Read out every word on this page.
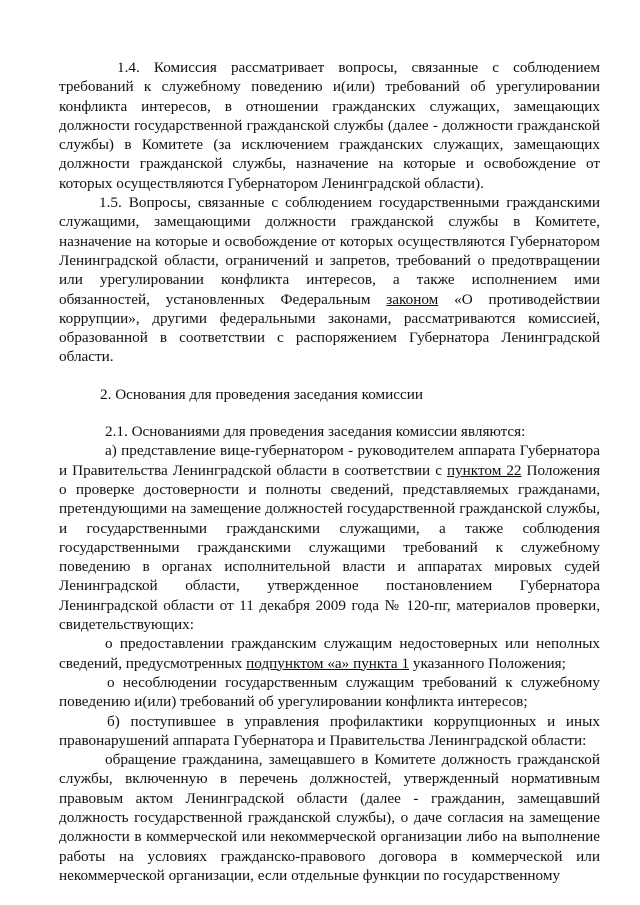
1.4. Комиссия рассматривает вопросы, связанные с соблюдением требований к служебному поведению и(или) требований об урегулировании конфликта интересов, в отношении гражданских служащих, замещающих должности государственной гражданской службы (далее - должности гражданской службы) в Комитете (за исключением гражданских служащих, замещающих должности гражданской службы, назначение на которые и освобождение от которых осуществляются Губернатором Ленинградской области).

1.5. Вопросы, связанные с соблюдением государственными гражданскими служащими, замещающими должности гражданской службы в Комитете, назначение на которые и освобождение от которых осуществляются Губернатором Ленинградской области, ограничений и запретов, требований о предотвращении или урегулировании конфликта интересов, а также исполнением ими обязанностей, установленных Федеральным законом «О противодействии коррупции», другими федеральными законами, рассматриваются комиссией, образованной в соответствии с распоряжением Губернатора Ленинградской области.

2. Основания для проведения заседания комиссии

2.1. Основаниями для проведения заседания комиссии являются:

а) представление вице-губернатором - руководителем аппарата Губернатора и Правительства Ленинградской области в соответствии с пунктом 22 Положения о проверке достоверности и полноты сведений, представляемых гражданами, претендующими на замещение должностей государственной гражданской службы, и государственными гражданскими служащими, а также соблюдения государственными гражданскими служащими требований к служебному поведению в органах исполнительной власти и аппаратах мировых судей Ленинградской области, утвержденное постановлением Губернатора Ленинградской области от 11 декабря 2009 года № 120-пг, материалов проверки, свидетельствующих:

о предоставлении гражданским служащим недостоверных или неполных сведений, предусмотренных подпунктом «а» пункта 1 указанного Положения;

о несоблюдении государственным служащим требований к служебному поведению и(или) требований об урегулировании конфликта интересов;

б) поступившее в управления профилактики коррупционных и иных правонарушений аппарата Губернатора и Правительства Ленинградской области:

обращение гражданина, замещавшего в Комитете должность гражданской службы, включенную в перечень должностей, утвержденный нормативным правовым актом Ленинградской области (далее - гражданин, замещавший должность государственной гражданской службы), о даче согласия на замещение должности в коммерческой или некоммерческой организации либо на выполнение работы на условиях гражданско-правового договора в коммерческой или некоммерческой организации, если отдельные функции по государственному
